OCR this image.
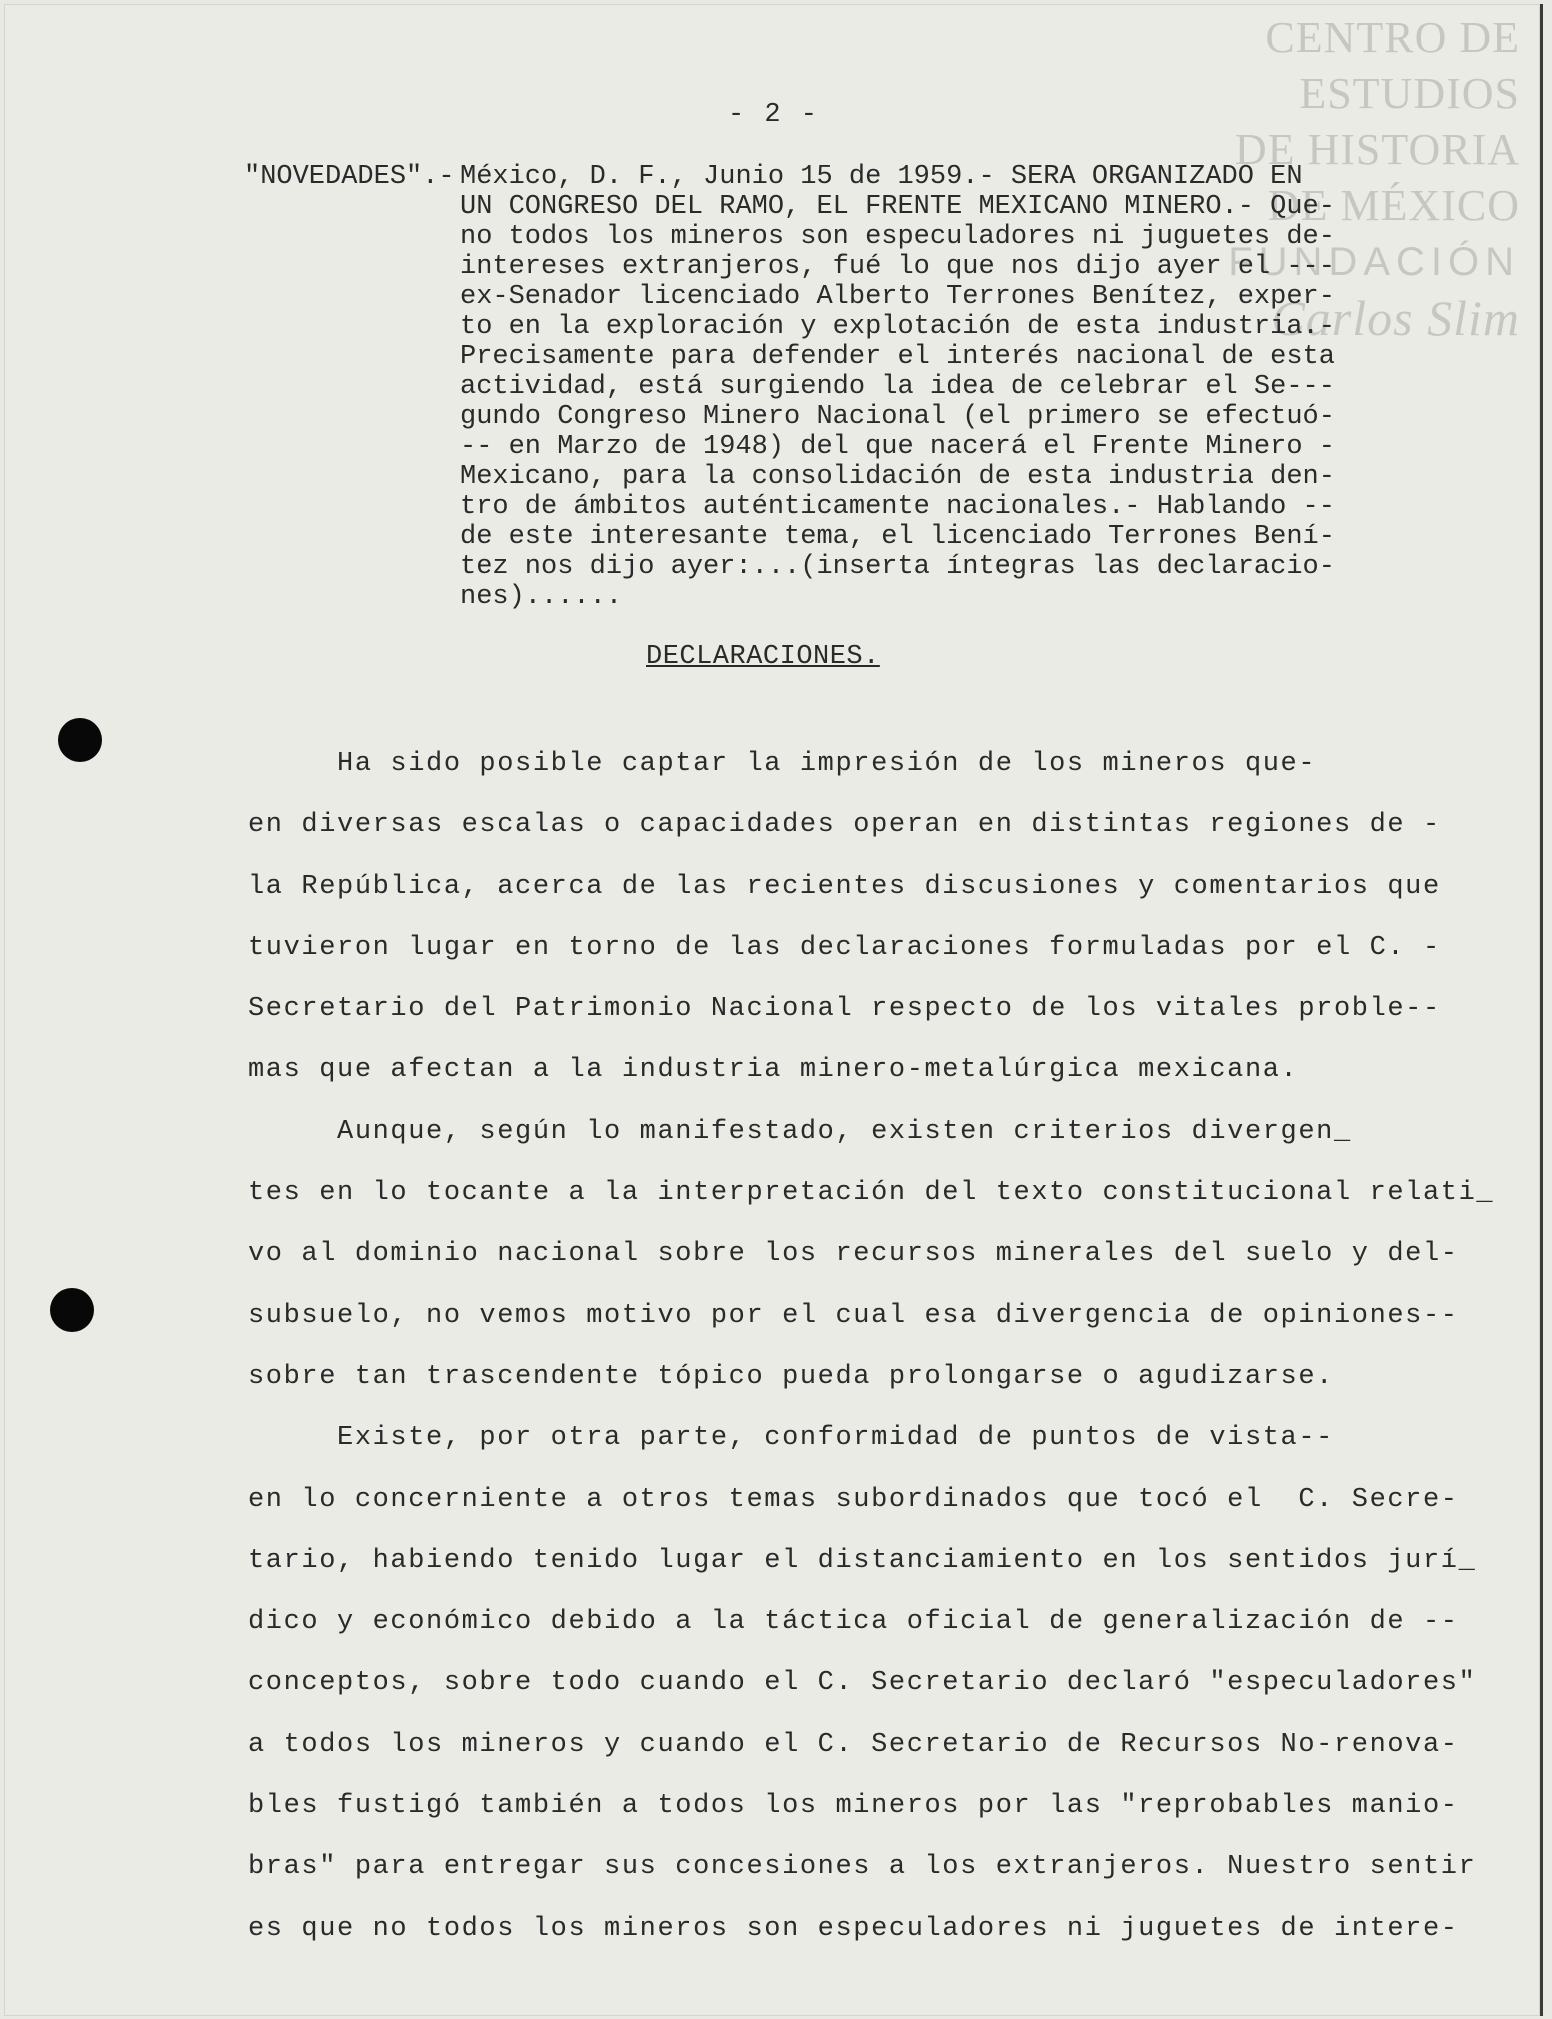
CENTRO DE
ESTUDIOS
DE HISTORIA
DE MÉXICO
FUNDACIÓN
Carlos Slim
- 2 -
"NOVEDADES".- México, D. F., Junio 15 de 1959.- SERA ORGANIZADO EN
UN CONGRESO DEL RAMO, EL FRENTE MEXICANO MINERO.- Que-
no todos los mineros son especuladores ni juguetes de-
intereses extranjeros, fué lo que nos dijo ayer el ---
ex-Senador licenciado Alberto Terrones Benítez, exper-
to en la exploración y explotación de esta industria.-
Precisamente para defender el interés nacional de esta
actividad, está surgiendo la idea de celebrar el Se---
gundo Congreso Minero Nacional (el primero se efectuó-
-- en Marzo de 1948) del que nacerá el Frente Minero -
Mexicano, para la consolidación de esta industria den-
tro de ámbitos auténticamente nacionales.- Hablando --
de este interesante tema, el licenciado Terrones Bení-
tez nos dijo ayer:...(inserta íntegras las declaracio-
nes)......
DECLARACIONES.
Ha sido posible captar la impresión de los mineros que-
en diversas escalas o capacidades operan en distintas regiones de -
la República, acerca de las recientes discusiones y comentarios que
tuvieron lugar en torno de las declaraciones formuladas por el C. -
Secretario del Patrimonio Nacional respecto de los vitales proble--
mas que afectan a la industria minero-metalúrgica mexicana.
Aunque, según lo manifestado, existen criterios divergen_
tes en lo tocante a la interpretación del texto constitucional relati_
vo al dominio nacional sobre los recursos minerales del suelo y del-
subsuelo, no vemos motivo por el cual esa divergencia de opiniones--
sobre tan trascendente tópico pueda prolongarse o agudizarse.
Existe, por otra parte, conformidad de puntos de vista--
en lo concerniente a otros temas subordinados que tocó el  C. Secre-
tario, habiendo tenido lugar el distanciamiento en los sentidos jurí_
dico y económico debido a la táctica oficial de generalización de --
conceptos, sobre todo cuando el C. Secretario declaró "especuladores"
a todos los mineros y cuando el C. Secretario de Recursos No-renova-
bles fustigó también a todos los mineros por las "reprobables manio-
bras" para entregar sus concesiones a los extranjeros. Nuestro sentir
es que no todos los mineros son especuladores ni juguetes de intere-
